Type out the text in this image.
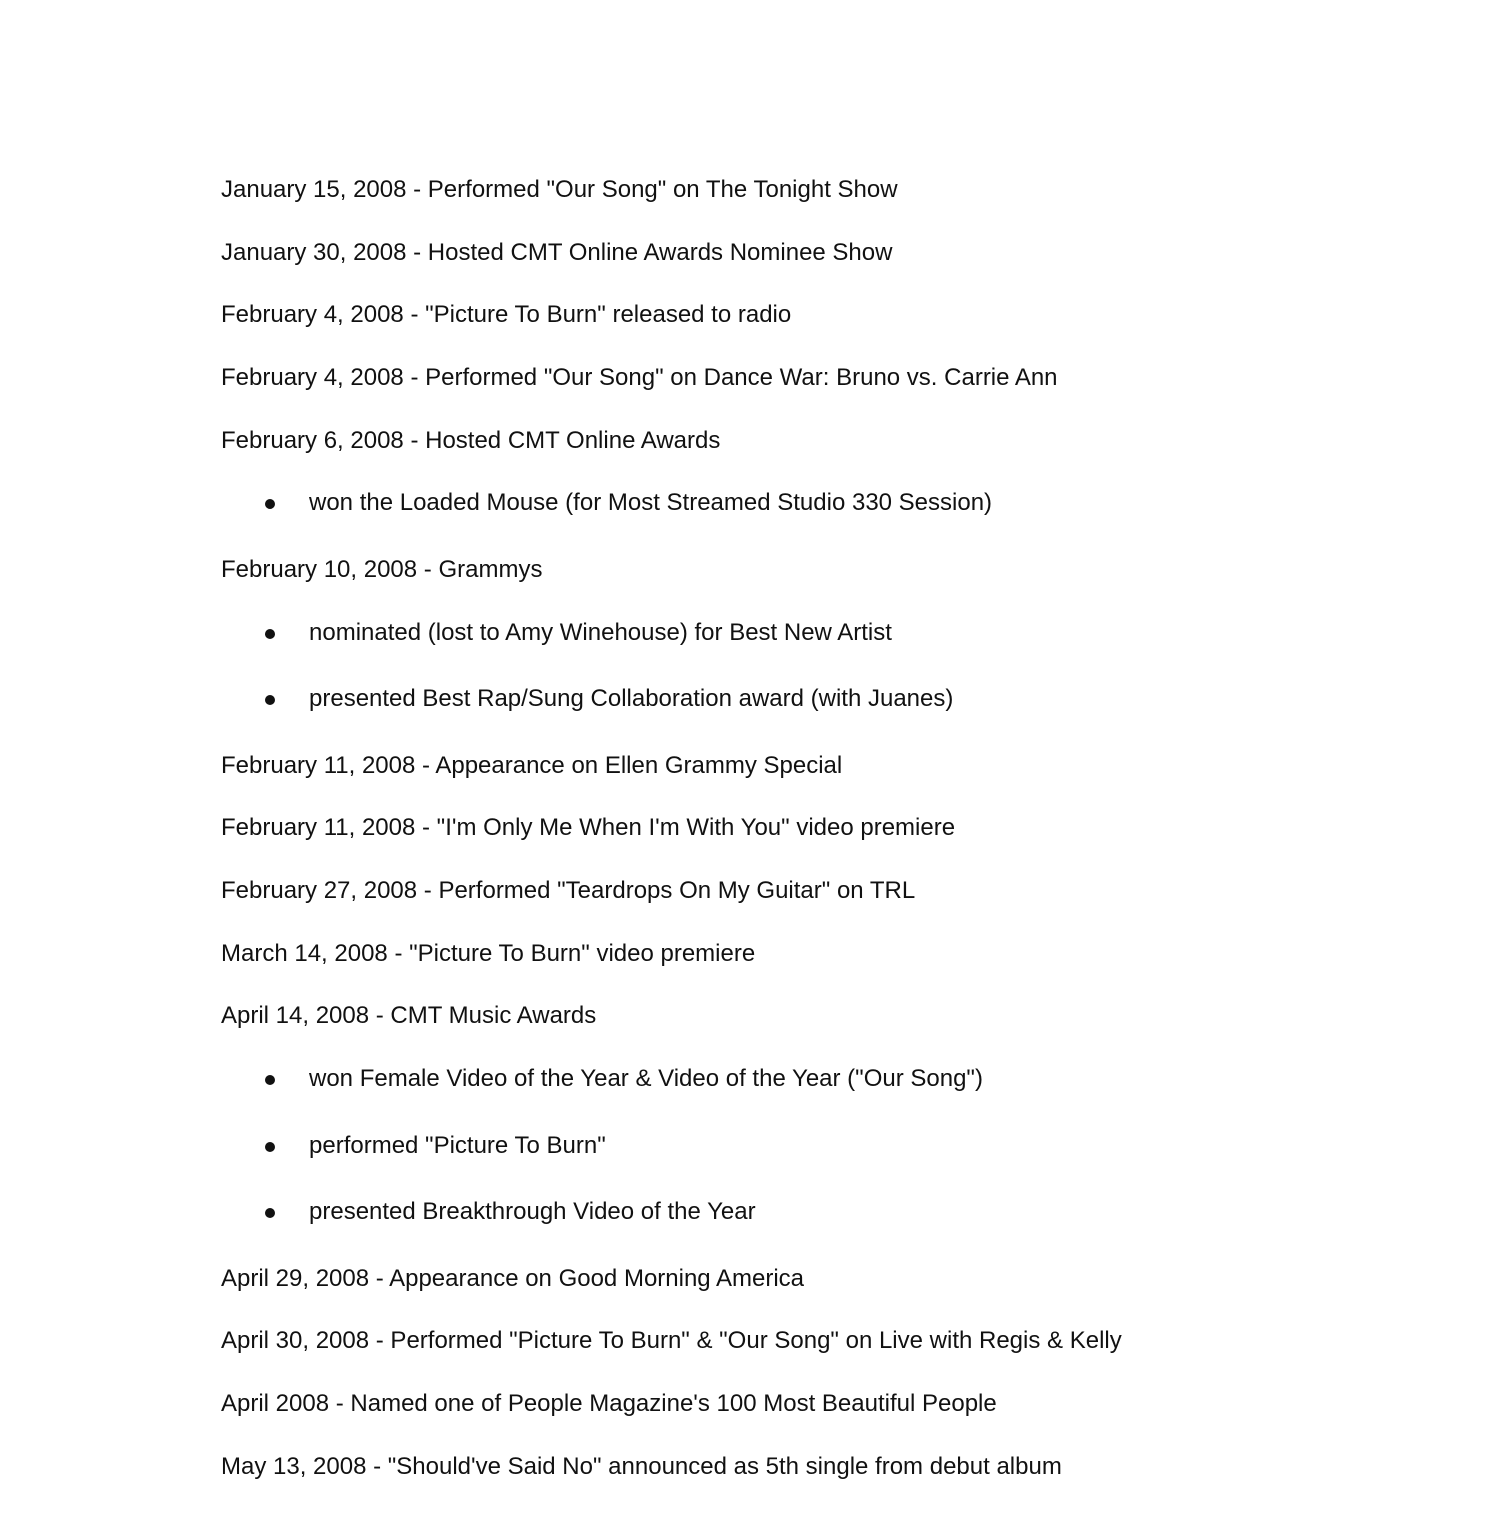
January 15, 2008 - Performed "Our Song" on The Tonight Show
January 30, 2008 - Hosted CMT Online Awards Nominee Show
February 4, 2008 - "Picture To Burn" released to radio
February 4, 2008 - Performed "Our Song" on Dance War: Bruno vs. Carrie Ann
February 6, 2008 - Hosted CMT Online Awards
won the Loaded Mouse (for Most Streamed Studio 330 Session)
February 10, 2008 - Grammys
nominated (lost to Amy Winehouse) for Best New Artist
presented Best Rap/Sung Collaboration award (with Juanes)
February 11, 2008 - Appearance on Ellen Grammy Special
February 11, 2008 - "I'm Only Me When I'm With You" video premiere
February 27, 2008 - Performed "Teardrops On My Guitar" on TRL
March 14, 2008 - "Picture To Burn" video premiere
April 14, 2008 - CMT Music Awards
won Female Video of the Year & Video of the Year ("Our Song")
performed "Picture To Burn"
presented Breakthrough Video of the Year
April 29, 2008 - Appearance on Good Morning America
April 30, 2008 - Performed "Picture To Burn" & "Our Song" on Live with Regis & Kelly
April 2008 - Named one of People Magazine's 100 Most Beautiful People
May 13, 2008 - "Should've Said No" announced as 5th single from debut album
